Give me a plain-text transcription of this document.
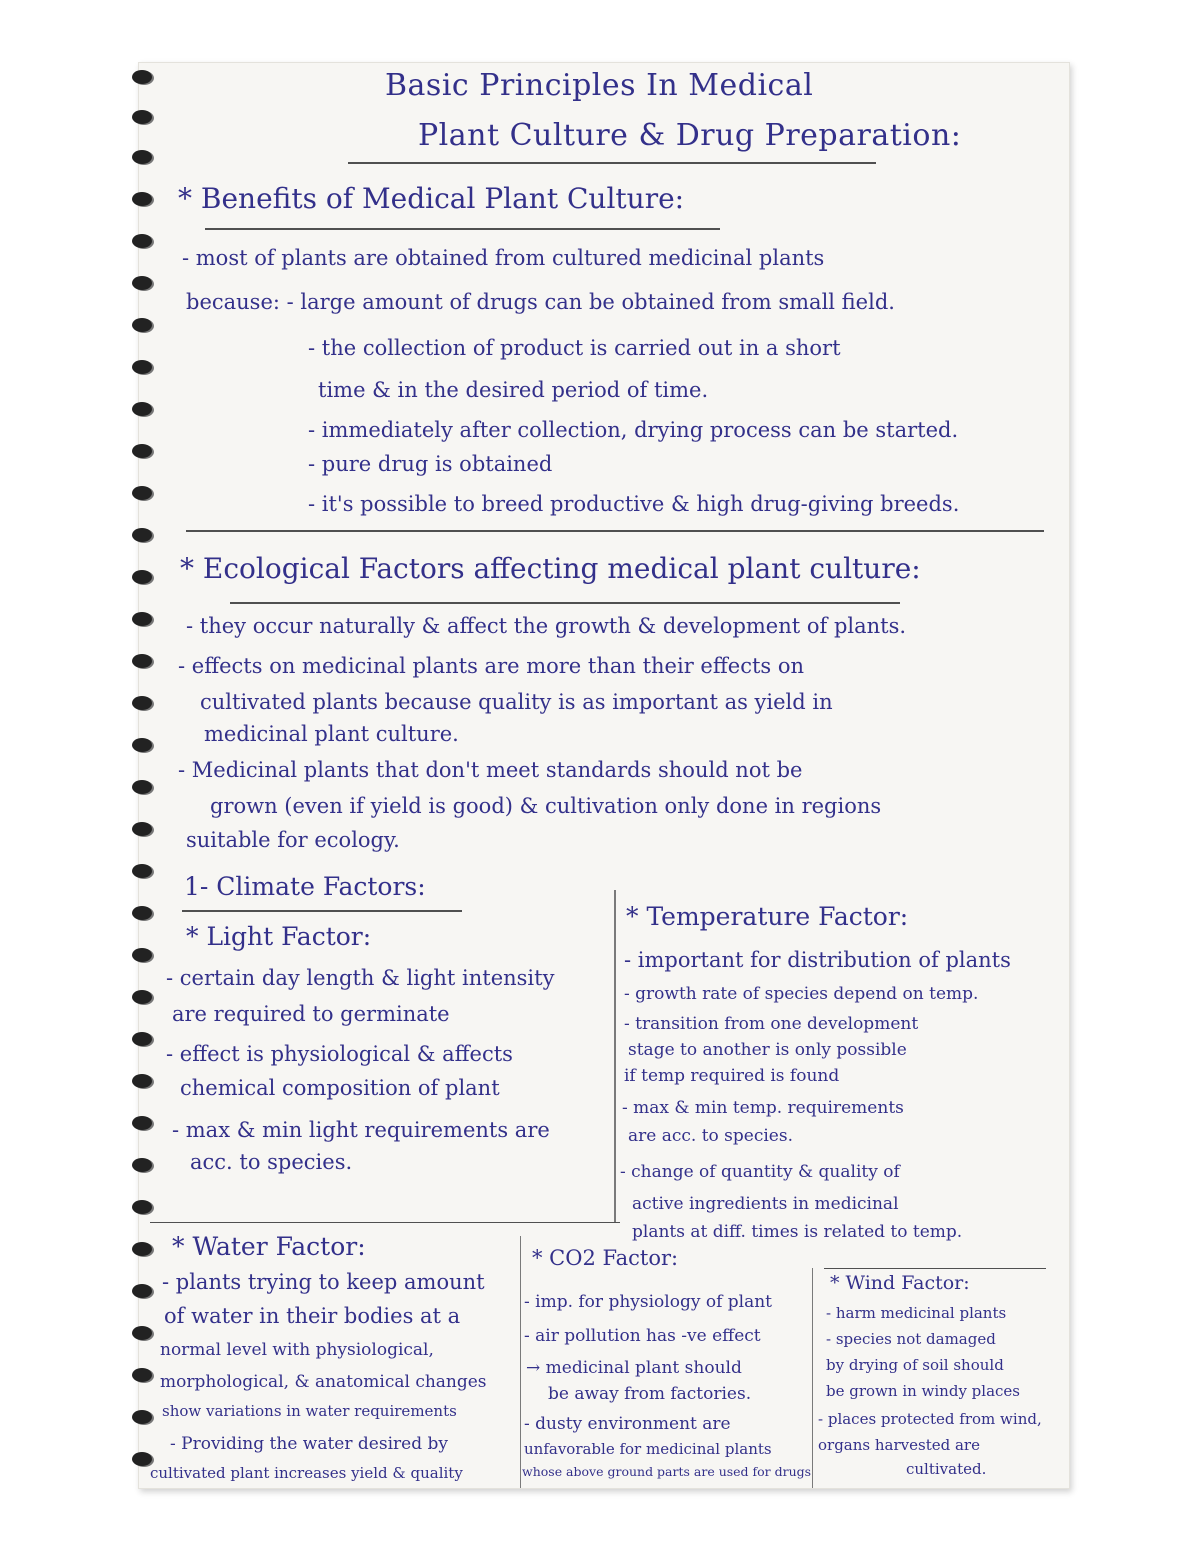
Basic Principles In Medical
Plant Culture & Drug Preparation:
* Benefits of Medical Plant Culture:
- most of plants are obtained from cultured medicinal plants
because: - large amount of drugs can be obtained from small field.
- the collection of product is carried out in a short
time & in the desired period of time.
- immediately after collection, drying process can be started.
- pure drug is obtained
- it's possible to breed productive & high drug-giving breeds.
* Ecological Factors affecting medical plant culture:
- they occur naturally & affect the growth & development of plants.
- effects on medicinal plants are more than their effects on
cultivated plants because quality is as important as yield in
medicinal plant culture.
- Medicinal plants that don't meet standards should not be
grown (even if yield is good) & cultivation only done in regions
suitable for ecology.
1- Climate Factors:
* Light Factor:
- certain day length & light intensity
are required to germinate
- effect is physiological & affects
chemical composition of plant
- max & min light requirements are
acc. to species.
* Temperature Factor:
- important for distribution of plants
- growth rate of species depend on temp.
- transition from one development
stage to another is only possible
if temp required is found
- max & min temp. requirements
are acc. to species.
- change of quantity & quality of
active ingredients in medicinal
plants at diff. times is related to temp.
* Water Factor:
- plants trying to keep amount
of water in their bodies at a
normal level with physiological,
morphological, & anatomical changes
show variations in water requirements
- Providing the water desired by
cultivated plant increases yield & quality
* CO2 Factor:
- imp. for physiology of plant
- air pollution has -ve effect
→ medicinal plant should
be away from factories.
- dusty environment are
unfavorable for medicinal plants
whose above ground parts are used for drugs
* Wind Factor:
- harm medicinal plants
- species not damaged
by drying of soil should
be grown in windy places
- places protected from wind,
organs harvested are
cultivated.
